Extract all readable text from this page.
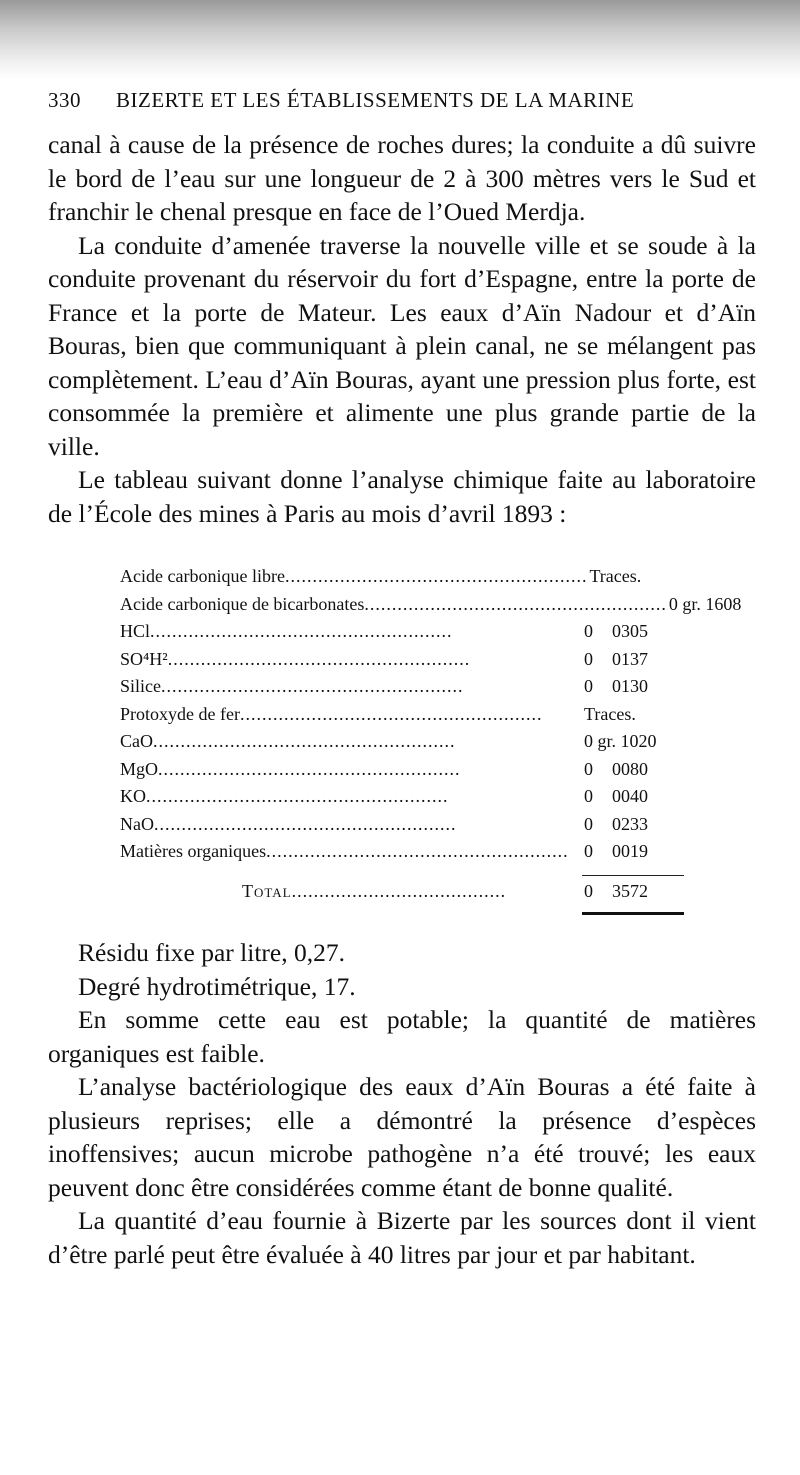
330	BIZERTE ET LES ÉTABLISSEMENTS DE LA MARINE

canal à cause de la présence de roches dures; la conduite a dû suivre le bord de l’eau sur une longueur de 2 à 300 mètres vers le Sud et franchir le chenal presque en face de l’Oued Merdja.

La conduite d’amenée traverse la nouvelle ville et se soude à la conduite provenant du réservoir du fort d’Espagne, entre la porte de France et la porte de Mateur. Les eaux d’Aïn Nadour et d’Aïn Bouras, bien que communiquant à plein canal, ne se mélangent pas complètement. L’eau d’Aïn Bouras, ayant une pression plus forte, est consommée la première et alimente une plus grande partie de la ville.

Le tableau suivant donne l’analyse chimique faite au laboratoire de l’École des mines à Paris au mois d’avril 1893 :

Acide carbonique libre....................................................... Traces.
Acide carbonique de bicarbonates....................................................... 0 gr. 1608
HCl.......................................................	0 0305
SO⁴H².......................................................	0 0137
Silice.......................................................	0 0130
Protoxyde de fer.......................................................	Traces.
CaO.......................................................	0 gr. 1020
MgO.......................................................	0 0080
KO.......................................................	0 0040
NaO.......................................................	0 0233
Matières organiques....................................................... 0 0019
Total.......................................	0 3572

Résidu fixe par litre, 0,27.

Degré hydrotimétrique, 17.

En somme cette eau est potable; la quantité de matières organiques est faible.

L’analyse bactériologique des eaux d’Aïn Bouras a été faite à plusieurs reprises; elle a démontré la présence d’espèces inoffensives; aucun microbe pathogène n’a été trouvé; les eaux peuvent donc être considérées comme étant de bonne qualité.

La quantité d’eau fournie à Bizerte par les sources dont il vient d’être parlé peut être évaluée à 40 litres par jour et par habitant.
